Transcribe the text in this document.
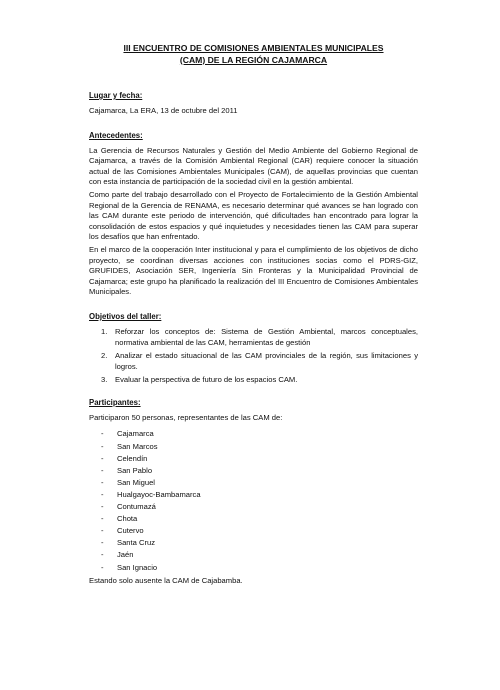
III ENCUENTRO DE COMISIONES AMBIENTALES MUNICIPALES
(CAM) DE LA REGIÓN CAJAMARCA
Lugar y fecha:

Cajamarca, La ERA, 13 de octubre del 2011

Antecedentes:

La Gerencia de Recursos Naturales y Gestión del Medio Ambiente del Gobierno Regional de Cajamarca, a través de la Comisión Ambiental Regional (CAR) requiere conocer la situación actual de las Comisiones Ambientales Municipales (CAM), de aquellas provincias que cuentan con esta instancia de participación de la sociedad civil en la gestión ambiental.

Como parte del trabajo desarrollado con el Proyecto de Fortalecimiento de la Gestión Ambiental Regional de la Gerencia de RENAMA, es necesario determinar qué avances se han logrado con las CAM durante este periodo de intervención, qué dificultades han encontrado para lograr la consolidación de estos espacios y qué inquietudes y necesidades tienen las CAM para superar los desafíos que han enfrentado.

En el marco de la cooperación Inter institucional y para el cumplimiento de los objetivos de dicho proyecto, se coordinan diversas acciones con instituciones socias como el PDRS-GIZ, GRUFIDES, Asociación SER, Ingeniería Sin Fronteras y la Municipalidad Provincial de Cajamarca; este grupo ha planificado la realización del III Encuentro de Comisiones Ambientales Municipales.

Objetivos del taller:
1.	Reforzar los conceptos de: Sistema de Gestión Ambiental, marcos conceptuales, normativa ambiental de las CAM, herramientas de gestión
2.	Analizar el estado situacional de las CAM provinciales de la región, sus limitaciones y logros.
3.	Evaluar la perspectiva de futuro de los espacios CAM.
Participantes:

Participaron 50 personas, representantes de las CAM de:

-	Cajamarca
-	San Marcos
-	Celendín
-	San Pablo
-	San Miguel
-	Hualgayoc-Bambamarca
-	Contumazá
-	Chota
-	Cutervo
-	Santa Cruz
-	Jaén
-	San Ignacio

Estando solo ausente la CAM de Cajabamba.
